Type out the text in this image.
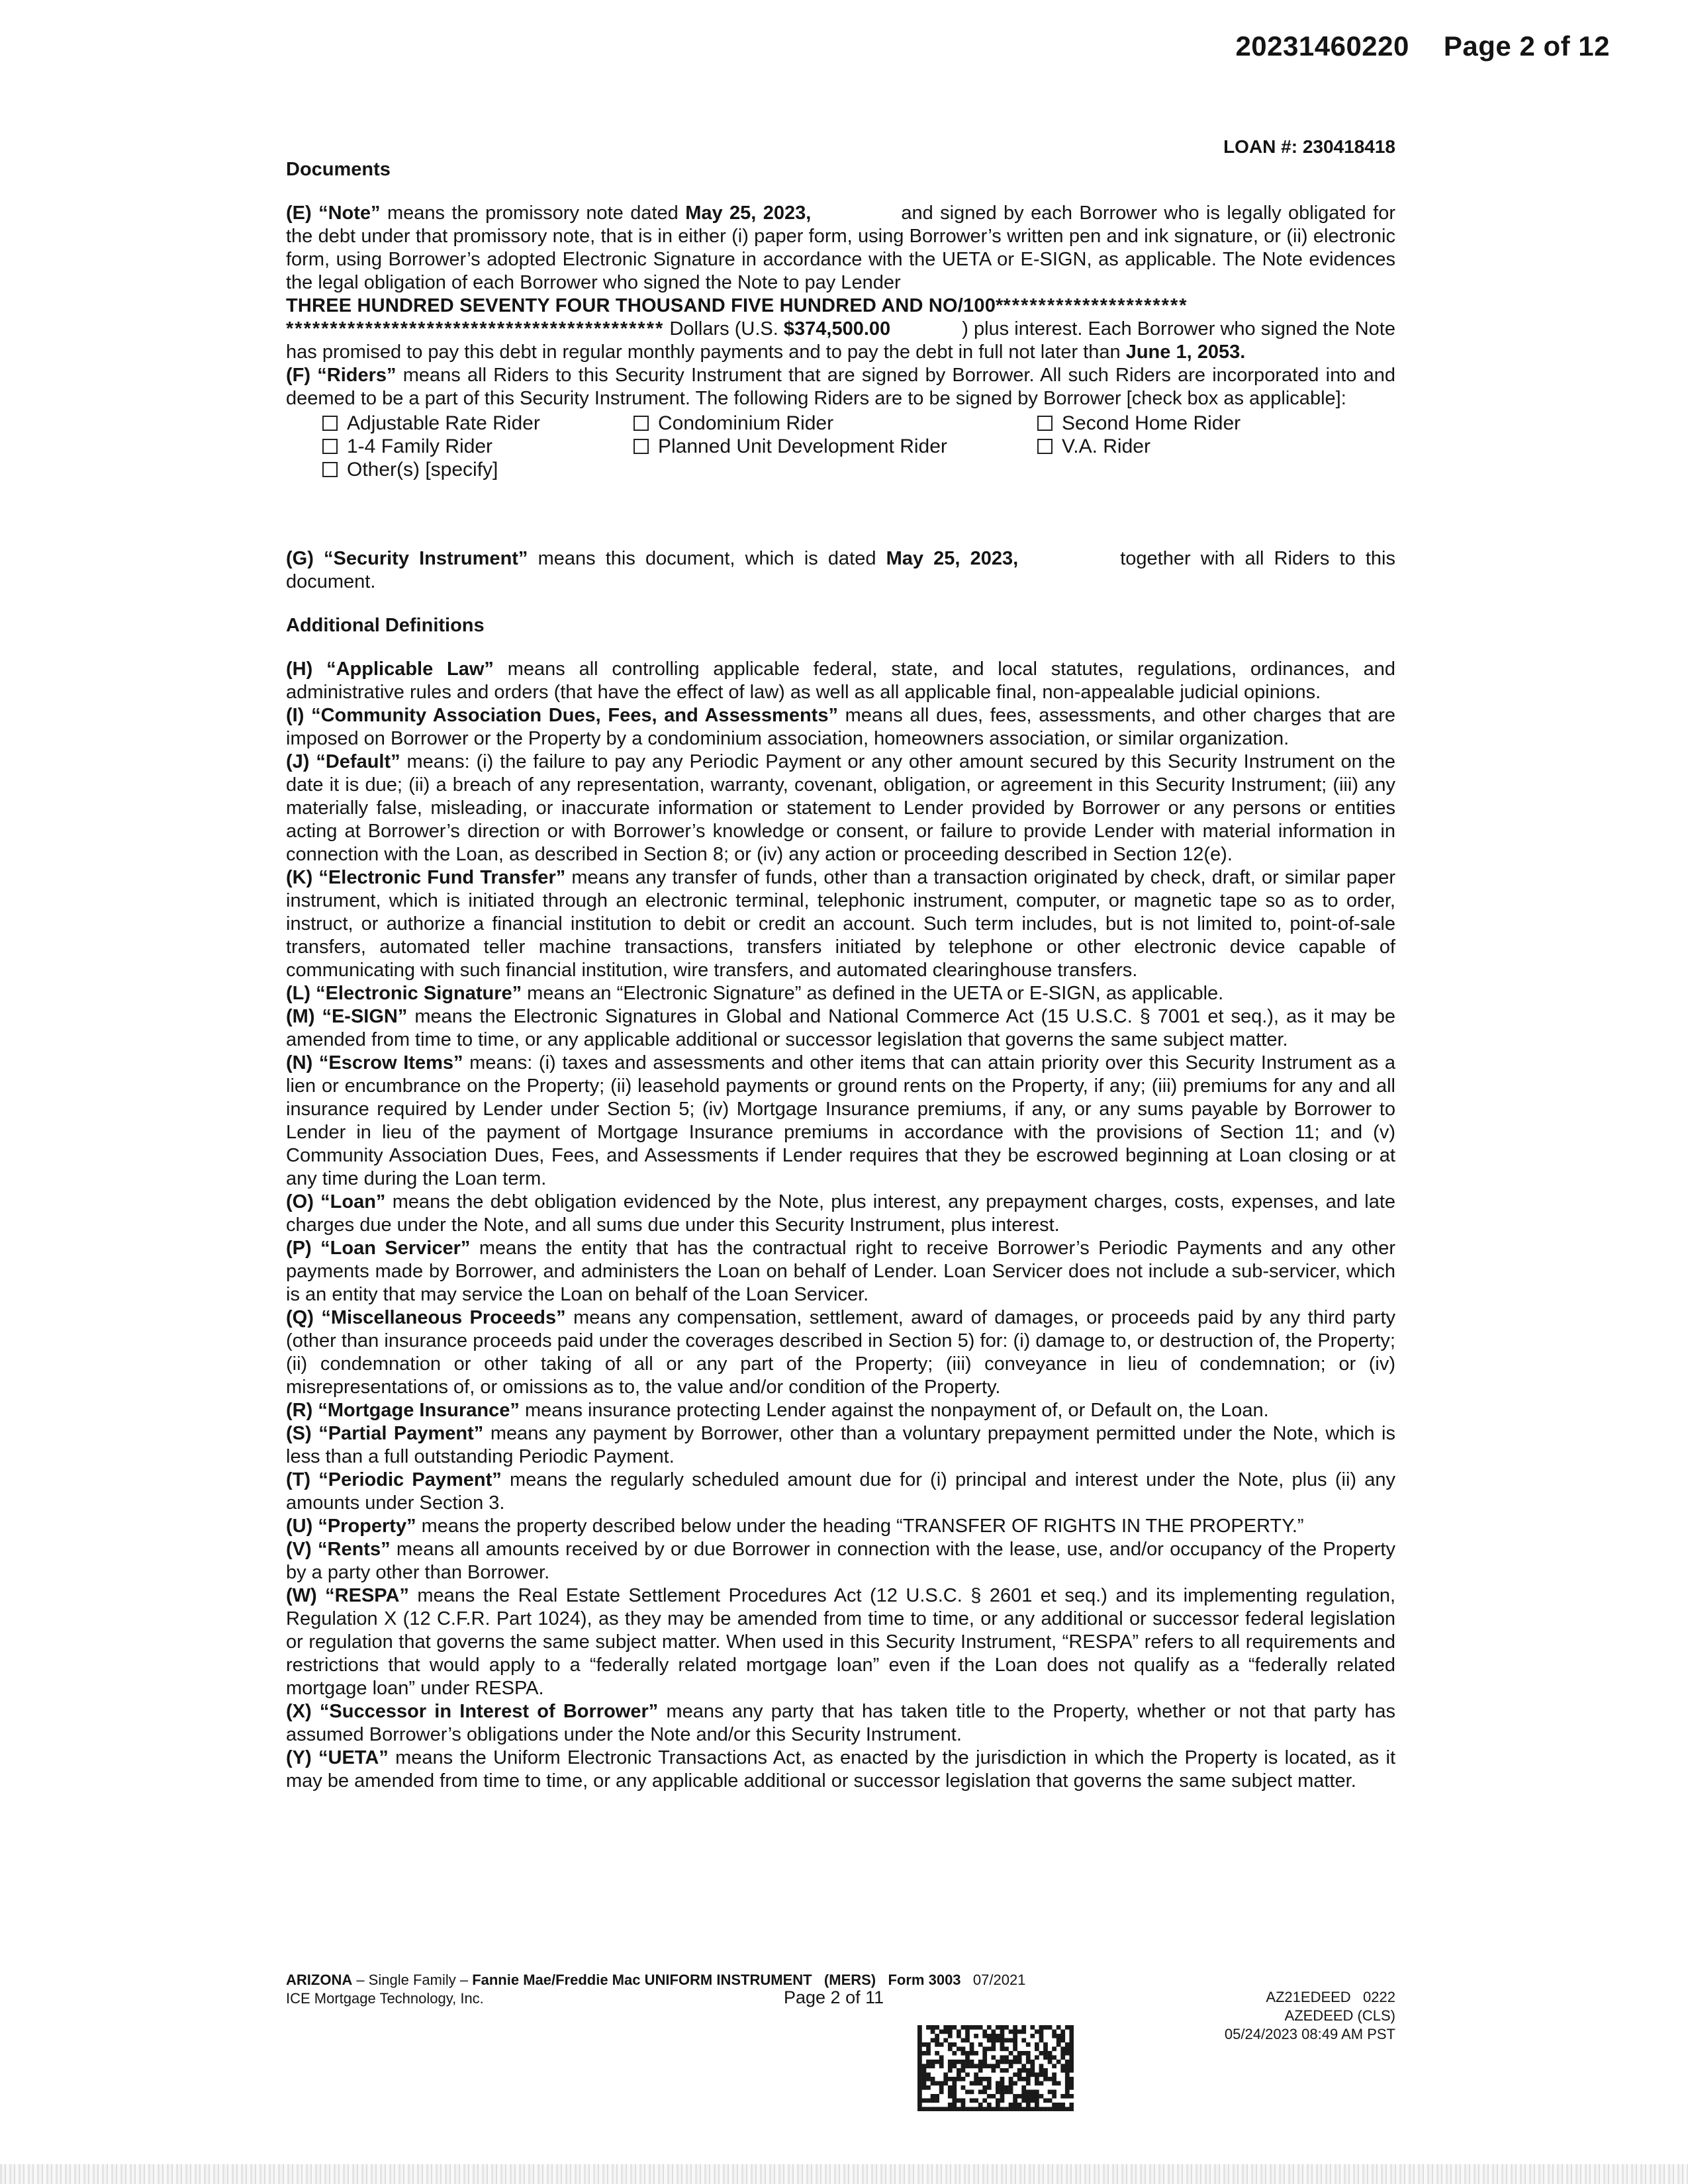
20231460220 Page 2 of 12
LOAN #: 230418418

Documents

(E) “Note” means the promissory note dated May 25, 2023,	and signed by each Borrower who is legally obligated for the debt under that promissory note, that is in either (i) paper form, using Borrower’s written pen and ink signature, or (ii) electronic form, using Borrower’s adopted Electronic Signature in accordance with the UETA or E-SIGN, as applicable. The Note evidences the legal obligation of each Borrower who signed the Note to pay Lender
THREE HUNDRED SEVENTY FOUR THOUSAND FIVE HUNDRED AND NO/100**********************
******************************************* Dollars (U.S. $374,500.00	) plus interest. Each Borrower who signed the Note has promised to pay this debt in regular monthly payments and to pay the debt in full not later than June 1, 2053.

(F) “Riders” means all Riders to this Security Instrument that are signed by Borrower. All such Riders are incorporated into and deemed to be a part of this Security Instrument. The following Riders are to be signed by Borrower [check box as applicable]:

Adjustable Rate Rider	Condominium Rider	Second Home Rider
1-4 Family Rider	Planned Unit Development Rider	V.A. Rider
Other(s) [specify]

(G) “Security Instrument” means this document, which is dated May 25, 2023,	together with all Riders to this document.

Additional Definitions

(H) “Applicable Law” means all controlling applicable federal, state, and local statutes, regulations, ordinances, and administrative rules and orders (that have the effect of law) as well as all applicable final, non-appealable judicial opinions.

(I) “Community Association Dues, Fees, and Assessments” means all dues, fees, assessments, and other charges that are imposed on Borrower or the Property by a condominium association, homeowners association, or similar organization.

(J) “Default” means: (i) the failure to pay any Periodic Payment or any other amount secured by this Security Instrument on the date it is due; (ii) a breach of any representation, warranty, covenant, obligation, or agreement in this Security Instrument; (iii) any materially false, misleading, or inaccurate information or statement to Lender provided by Borrower or any persons or entities acting at Borrower’s direction or with Borrower’s knowledge or consent, or failure to provide Lender with material information in connection with the Loan, as described in Section 8; or (iv) any action or proceeding described in Section 12(e).

(K) “Electronic Fund Transfer” means any transfer of funds, other than a transaction originated by check, draft, or similar paper instrument, which is initiated through an electronic terminal, telephonic instrument, computer, or magnetic tape so as to order, instruct, or authorize a financial institution to debit or credit an account. Such term includes, but is not limited to, point-of-sale transfers, automated teller machine transactions, transfers initiated by telephone or other electronic device capable of communicating with such financial institution, wire transfers, and automated clearinghouse transfers.

(L) “Electronic Signature” means an “Electronic Signature” as defined in the UETA or E-SIGN, as applicable.

(M) “E-SIGN” means the Electronic Signatures in Global and National Commerce Act (15 U.S.C. § 7001 et seq.), as it may be amended from time to time, or any applicable additional or successor legislation that governs the same subject matter.

(N) “Escrow Items” means: (i) taxes and assessments and other items that can attain priority over this Security Instrument as a lien or encumbrance on the Property; (ii) leasehold payments or ground rents on the Property, if any; (iii) premiums for any and all insurance required by Lender under Section 5; (iv) Mortgage Insurance premiums, if any, or any sums payable by Borrower to Lender in lieu of the payment of Mortgage Insurance premiums in accordance with the provisions of Section 11; and (v) Community Association Dues, Fees, and Assessments if Lender requires that they be escrowed beginning at Loan closing or at any time during the Loan term.

(O) “Loan” means the debt obligation evidenced by the Note, plus interest, any prepayment charges, costs, expenses, and late charges due under the Note, and all sums due under this Security Instrument, plus interest.

(P) “Loan Servicer” means the entity that has the contractual right to receive Borrower’s Periodic Payments and any other payments made by Borrower, and administers the Loan on behalf of Lender. Loan Servicer does not include a sub-servicer, which is an entity that may service the Loan on behalf of the Loan Servicer.

(Q) “Miscellaneous Proceeds” means any compensation, settlement, award of damages, or proceeds paid by any third party (other than insurance proceeds paid under the coverages described in Section 5) for: (i) damage to, or destruction of, the Property; (ii) condemnation or other taking of all or any part of the Property; (iii) conveyance in lieu of condemnation; or (iv) misrepresentations of, or omissions as to, the value and/or condition of the Property.

(R) “Mortgage Insurance” means insurance protecting Lender against the nonpayment of, or Default on, the Loan.

(S) “Partial Payment” means any payment by Borrower, other than a voluntary prepayment permitted under the Note, which is less than a full outstanding Periodic Payment.

(T) “Periodic Payment” means the regularly scheduled amount due for (i) principal and interest under the Note, plus (ii) any amounts under Section 3.

(U) “Property” means the property described below under the heading “TRANSFER OF RIGHTS IN THE PROPERTY.”

(V) “Rents” means all amounts received by or due Borrower in connection with the lease, use, and/or occupancy of the Property by a party other than Borrower.

(W) “RESPA” means the Real Estate Settlement Procedures Act (12 U.S.C. § 2601 et seq.) and its implementing regulation, Regulation X (12 C.F.R. Part 1024), as they may be amended from time to time, or any additional or successor federal legislation or regulation that governs the same subject matter. When used in this Security Instrument, “RESPA” refers to all requirements and restrictions that would apply to a “federally related mortgage loan” even if the Loan does not qualify as a “federally related mortgage loan” under RESPA.

(X) “Successor in Interest of Borrower” means any party that has taken title to the Property, whether or not that party has assumed Borrower’s obligations under the Note and/or this Security Instrument.

(Y) “UETA” means the Uniform Electronic Transactions Act, as enacted by the jurisdiction in which the Property is located, as it may be amended from time to time, or any applicable additional or successor legislation that governs the same subject matter.

ARIZONA – Single Family – Fannie Mae/Freddie Mac UNIFORM INSTRUMENT (MERS) Form 3003 07/2021
ICE Mortgage Technology, Inc.	Page 2 of 11	AZ21EDEED 0222
AZEDEED (CLS)
05/24/2023 08:49 AM PST
